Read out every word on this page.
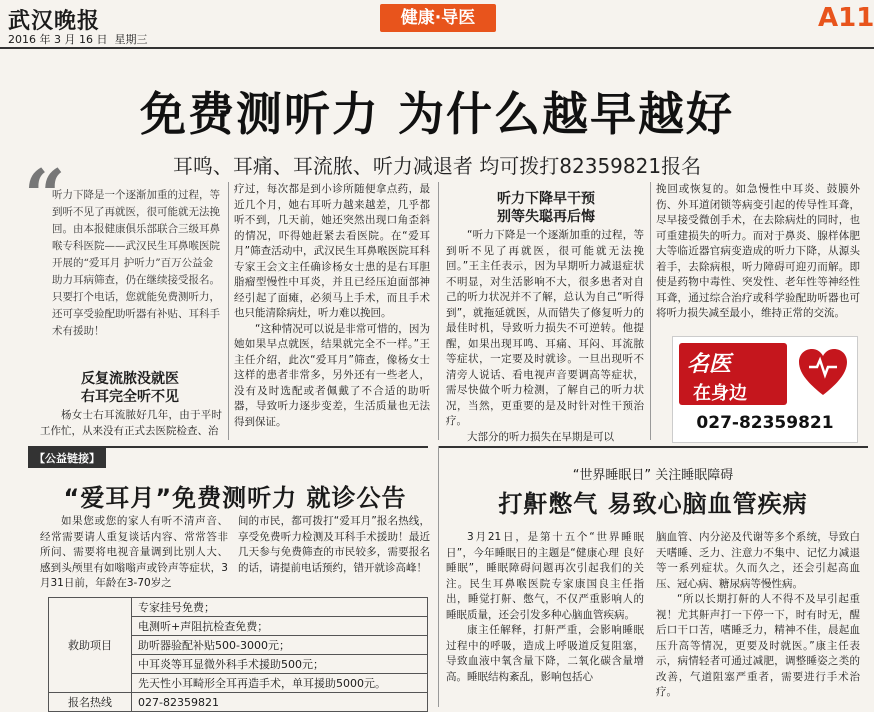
武汉晚报
2016 年 3 月 16 日 星期三
健康·导医	A11
免费测听力 为什么越早越好
耳鸣、耳痛、耳流脓、听力减退者 均可拨打82359821报名
“
听力下降是一个逐渐加重的过程，等到听不见了再就医，很可能就无法挽回。由本报健康俱乐部联合三级耳鼻喉专科医院——武汉民生耳鼻喉医院开展的“爱耳月 护听力”百万公益金助力耳病筛查，仍在继续接受报名。只要打个电话，您就能免费测听力，还可享受验配助听器有补贴、耳科手术有援助！
反复流脓没就医
右耳完全听不见

杨女士右耳流脓好几年，由于平时工作忙，从来没有正式去医院检查、治

疗过，每次都是到小诊所随便拿点药，最近几个月，她右耳听力越来越差，几乎都听不到，几天前，她还突然出现口角歪斜的情况，吓得她赶紧去看医院。在“爱耳月”筛查活动中，武汉民生耳鼻喉医院耳科专家王会文主任确诊杨女士患的是右耳胆脂瘤型慢性中耳炎，并且已经压迫面部神经引起了面瘫，必须马上手术，而且手术也只能清除病灶，听力难以挽回。

“这种情况可以说是非常可惜的，因为她如果早点就医，结果就完全不一样。”王主任介绍，此次“爱耳月”筛查，像杨女士这样的患者非常多，另外还有一些老人，没有及时选配或者佩戴了不合适的助听器，导致听力逐步变差，生活质量也无法得到保证。

听力下降早干预
别等失聪再后悔

“听力下降是一个逐渐加重的过程，等到听不见了再就医，很可能就无法挽回。”王主任表示，因为早期听力减退症状不明显，对生活影响不大，很多患者对自己的听力状况并不了解，总认为自己“听得到”，就拖延就医，从而错失了修复听力的最佳时机，导致听力损失不可逆转。他提醒，如果出现耳鸣、耳痛、耳闷、耳流脓等症状，一定要及时就诊。一旦出现听不清旁人说话、看电视声音要调高等症状，需尽快做个听力检测，了解自己的听力状况，当然，更重要的是及时针对性干预治疗。

大部分的听力损失在早期是可以

挽回或恢复的。如急慢性中耳炎、鼓膜外伤、外耳道闭锁等病变引起的传导性耳聋，尽早接受微创手术，在去除病灶的同时，也可重建损失的听力。而对于鼻炎、腺样体肥大等临近器官病变造成的听力下降，从源头着手，去除病根，听力障碍可迎刃而解。即使是药物中毒性、突发性、老年性等神经性耳聋，通过综合治疗或科学验配助听器也可将听力损失减至最小，维持正常的交流。

名医
在身边
027-82359821
【公益链接】
“爱耳月”免费测听力 就诊公告

如果您或您的家人有听不清声音、经常需要请人重复谈话内容、常常答非所问、需要将电视音量调到比别人大、感到头颅里有如嗡嗡声或铃声等症状，3月31日前，年龄在3-70岁之

间的市民，都可拨打“爱耳月”报名热线，享受免费听力检测及耳科手术援助！最近几天参与免费筛查的市民较多，需要报名的话，请提前电话预约，错开就诊高峰！

救助项目	专家挂号免费；
	电测听+声阻抗检查免费；
	助听器验配补贴500-3000元；
	中耳炎等耳显微外科手术援助500元；
	先天性小耳畸形全耳再造手术，单耳援助5000元。
报名热线	027-82359821
“世界睡眠日” 关注睡眠障碍
打鼾憋气 易致心脑血管疾病

3月21日，是第十五个“世界睡眠日”，今年睡眠日的主题是“健康心理 良好睡眠”，睡眠障碍问题再次引起我们的关注。民生耳鼻喉医院专家康国良主任指出，睡觉打鼾、憋气，不仅严重影响人的睡眠质量，还会引发多种心脑血管疾病。

康主任解释，打鼾严重，会影响睡眠过程中的呼吸，造成上呼吸道反复阻塞，导致血液中氧含量下降，二氧化碳含量增高。睡眠结构紊乱，影响包括心

脑血管、内分泌及代谢等多个系统，导致白天嗜睡、乏力、注意力不集中、记忆力减退等一系列症状。久而久之，还会引起高血压、冠心病、糖尿病等慢性病。

“所以长期打鼾的人不得不及早引起重视！尤其鼾声打一下停一下，时有时无，醒后口干口苦，嗜睡乏力，精神不佳，晨起血压升高等情况，更要及时就医。”康主任表示，病情轻者可通过减肥，调整睡姿之类的改善，气道阻塞严重者，需要进行手术治疗。
